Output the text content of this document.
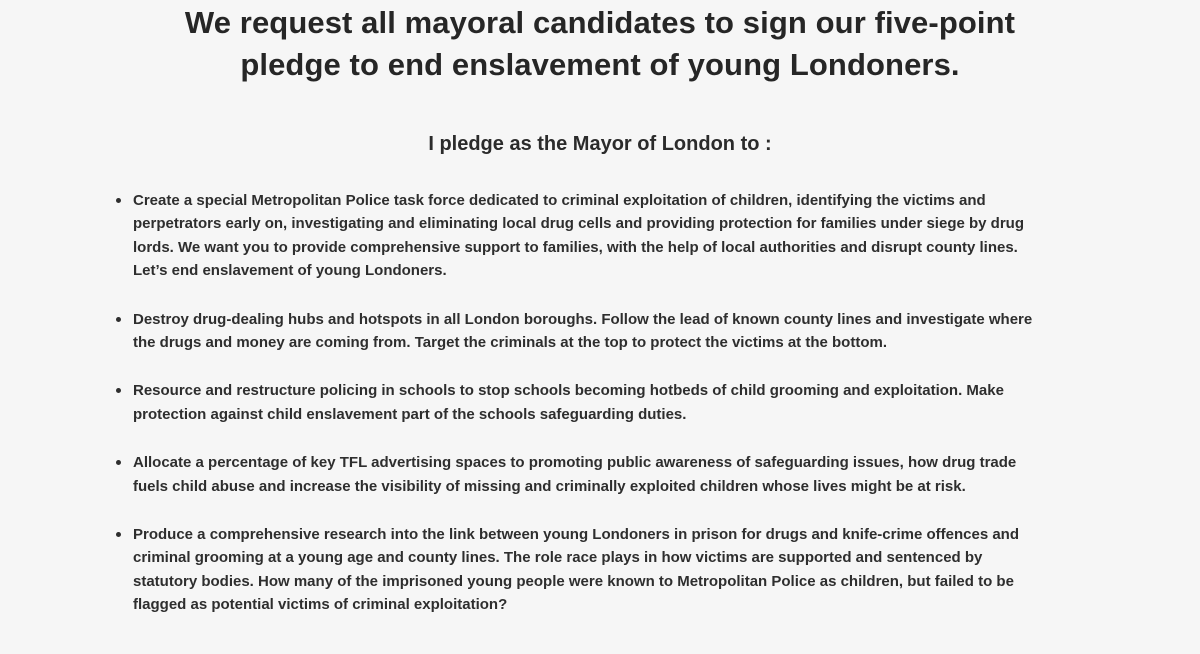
We request all mayoral candidates to sign our five-point pledge to end enslavement of young Londoners.
I pledge as the Mayor of London to :
Create a special Metropolitan Police task force dedicated to criminal exploitation of children, identifying the victims and perpetrators early on, investigating and eliminating local drug cells and providing protection for families under siege by drug lords. We want you to provide comprehensive support to families, with the help of local authorities and disrupt county lines. Let’s end enslavement of young Londoners.
Destroy drug-dealing hubs and hotspots in all London boroughs. Follow the lead of known county lines and investigate where the drugs and money are coming from. Target the criminals at the top to protect the victims at the bottom.
Resource and restructure policing in schools to stop schools becoming hotbeds of child grooming and exploitation. Make protection against child enslavement part of the schools safeguarding duties.
Allocate a percentage of key TFL advertising spaces to promoting public awareness of safeguarding issues, how drug trade fuels child abuse and increase the visibility of missing and criminally exploited children whose lives might be at risk.
Produce a comprehensive research into the link between young Londoners in prison for drugs and knife-crime offences and criminal grooming at a young age and county lines. The role race plays in how victims are supported and sentenced by statutory bodies. How many of the imprisoned young people were known to Metropolitan Police as children, but failed to be flagged as potential victims of criminal exploitation?
